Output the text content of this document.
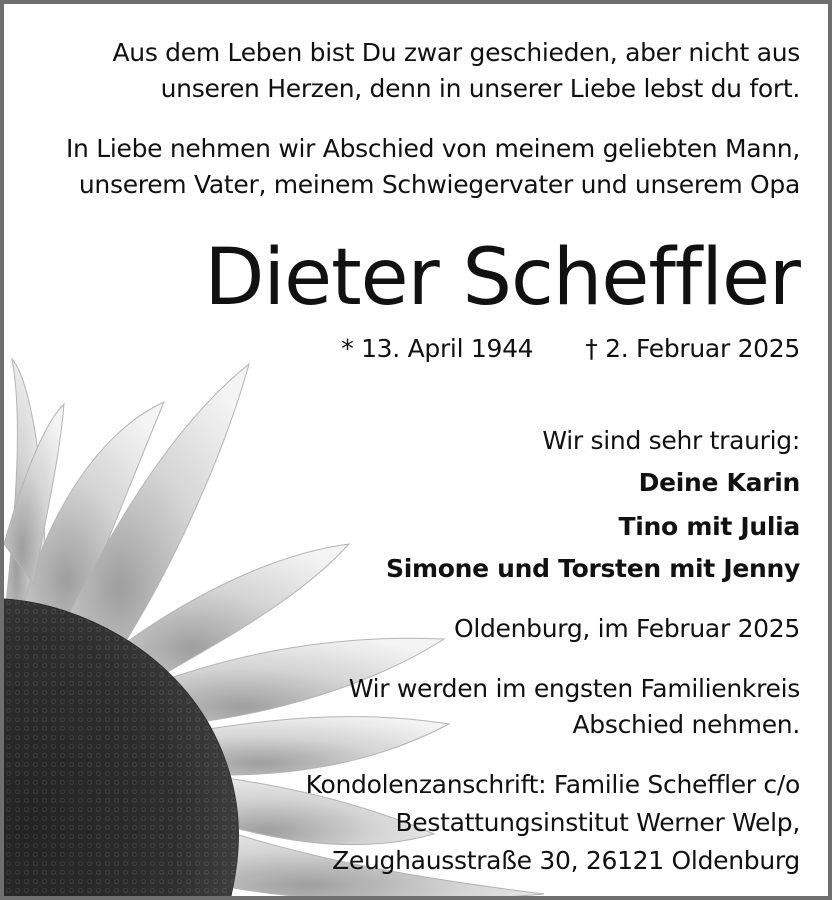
Aus dem Leben bist Du zwar geschieden, aber nicht aus
unseren Herzen, denn in unserer Liebe lebst du fort.
In Liebe nehmen wir Abschied von meinem geliebten Mann,
unserem Vater, meinem Schwiegervater und unserem Opa
Dieter Scheffler
* 13. April 1944 † 2. Februar 2025
Wir sind sehr traurig:
Deine Karin
Tino mit Julia
Simone und Torsten mit Jenny
Oldenburg, im Februar 2025
Wir werden im engsten Familienkreis
Abschied nehmen.
Kondolenzanschrift: Familie Scheffler c/o
Bestattungsinstitut Werner Welp,
Zeughausstraße 30, 26121 Oldenburg
